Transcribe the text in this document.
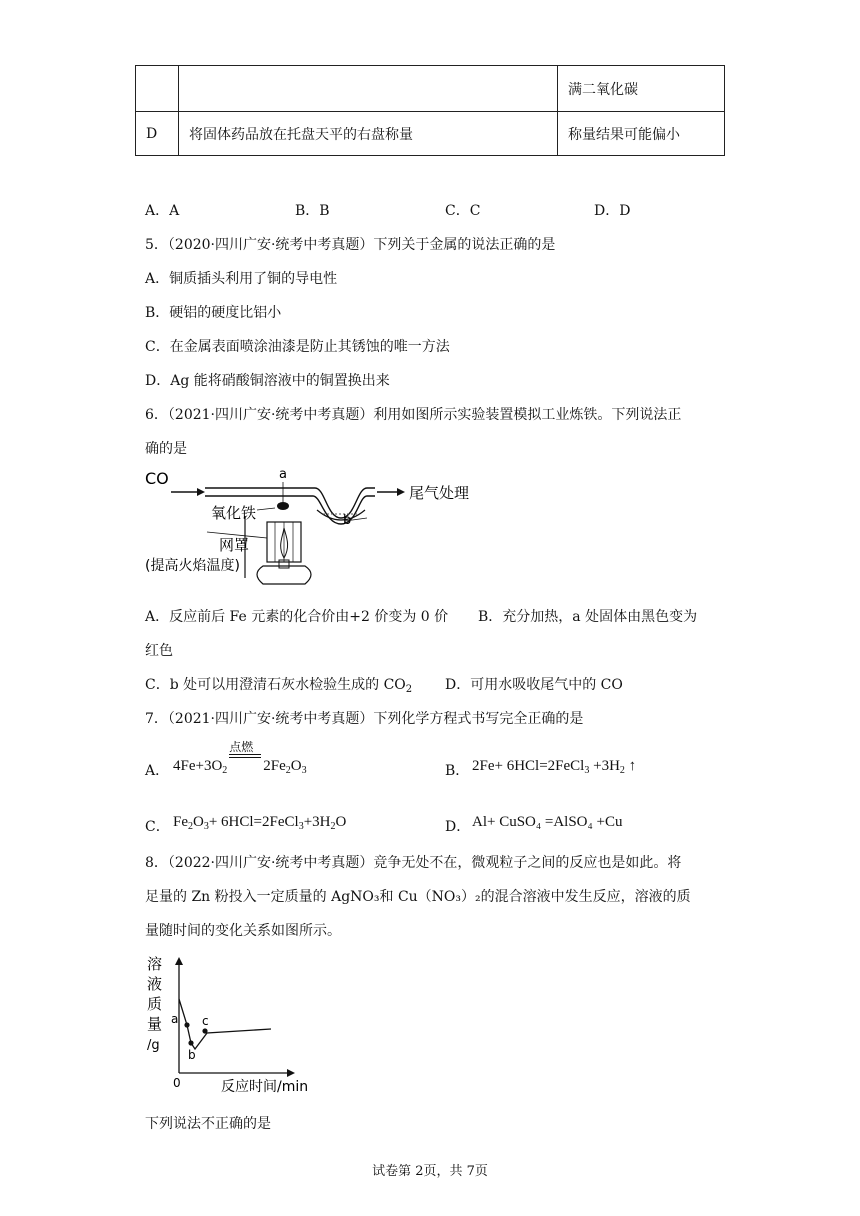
		满二氧化碳
D	将固体药品放在托盘天平的右盘称量	称量结果可能偏小
A．A	B．B	C．C	D．D
5．（2020·四川广安·统考中考真题）下列关于金属的说法正确的是
A．铜质插头利用了铜的导电性
B．硬铝的硬度比铝小
C．在金属表面喷涂油漆是防止其锈蚀的唯一方法
D．Ag 能将硝酸铜溶液中的铜置换出来
6．（2021·四川广安·统考中考真题）利用如图所示实验装置模拟工业炼铁。下列说法正
确的是
CO	a
b
尾气处理
氧化铁
网罩
(提高火焰温度)
A．反应前后 Fe 元素的化合价由+2 价变为 0 价 B．充分加热，a 处固体由黑色变为
红色
C．b 处可以用澄清石灰水检验生成的 $CO_2$ D．可用水吸收尾气中的 CO
7．（2021·四川广安·统考中考真题）下列化学方程式书写完全正确的是
A． $4Fe+3O_2$
点燃
$2Fe_2O_3$	B． 2Fe+ 6HCl=2FeCl$_3$ $+3H_2$ ↑
C． $Fe_2O_3+$ $6HCl=2FeCl_3+3H_2O$	D． Al+ CuSO₄ =AlSO₄ +Cu
8．（2022·四川广安·统考中考真题）竞争无处不在，微观粒子之间的反应也是如此。将
足量的 Zn 粉投入一定质量的 AgNO₃和 Cu（NO₃）₂的混合溶液中发生反应，溶液的质
量随时间的变化关系如图所示。
溶
液
质
量
/g
a
b
c
0	反应时间/min
下列说法不正确的是
试卷第 2页，共 7页
